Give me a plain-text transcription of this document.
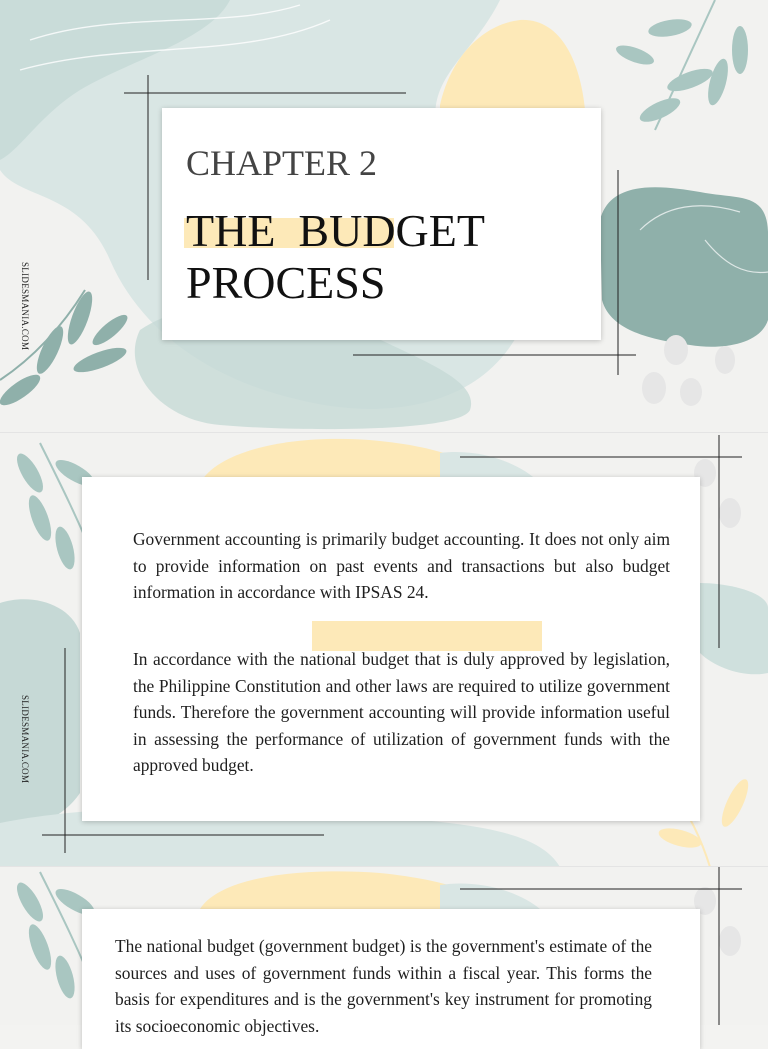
SLIDESMANIA.COM
CHAPTER 2
THE  BUDGET
PROCESS
SLIDESMANIA.COM

Government accounting is primarily budget accounting. It does not only aim to provide information on past events and transactions but also budget information in accordance with IPSAS 24.

In accordance with the national budget that is duly approved by legislation, the Philippine Constitution and other laws are required to utilize government funds. Therefore the government accounting will provide information useful in assessing the performance of utilization of government funds with the approved budget.

The national budget (government budget) is the government's estimate of the sources and uses of government funds within a fiscal year. This forms the basis for expenditures and is the government's key instrument for promoting its socioeconomic objectives.
